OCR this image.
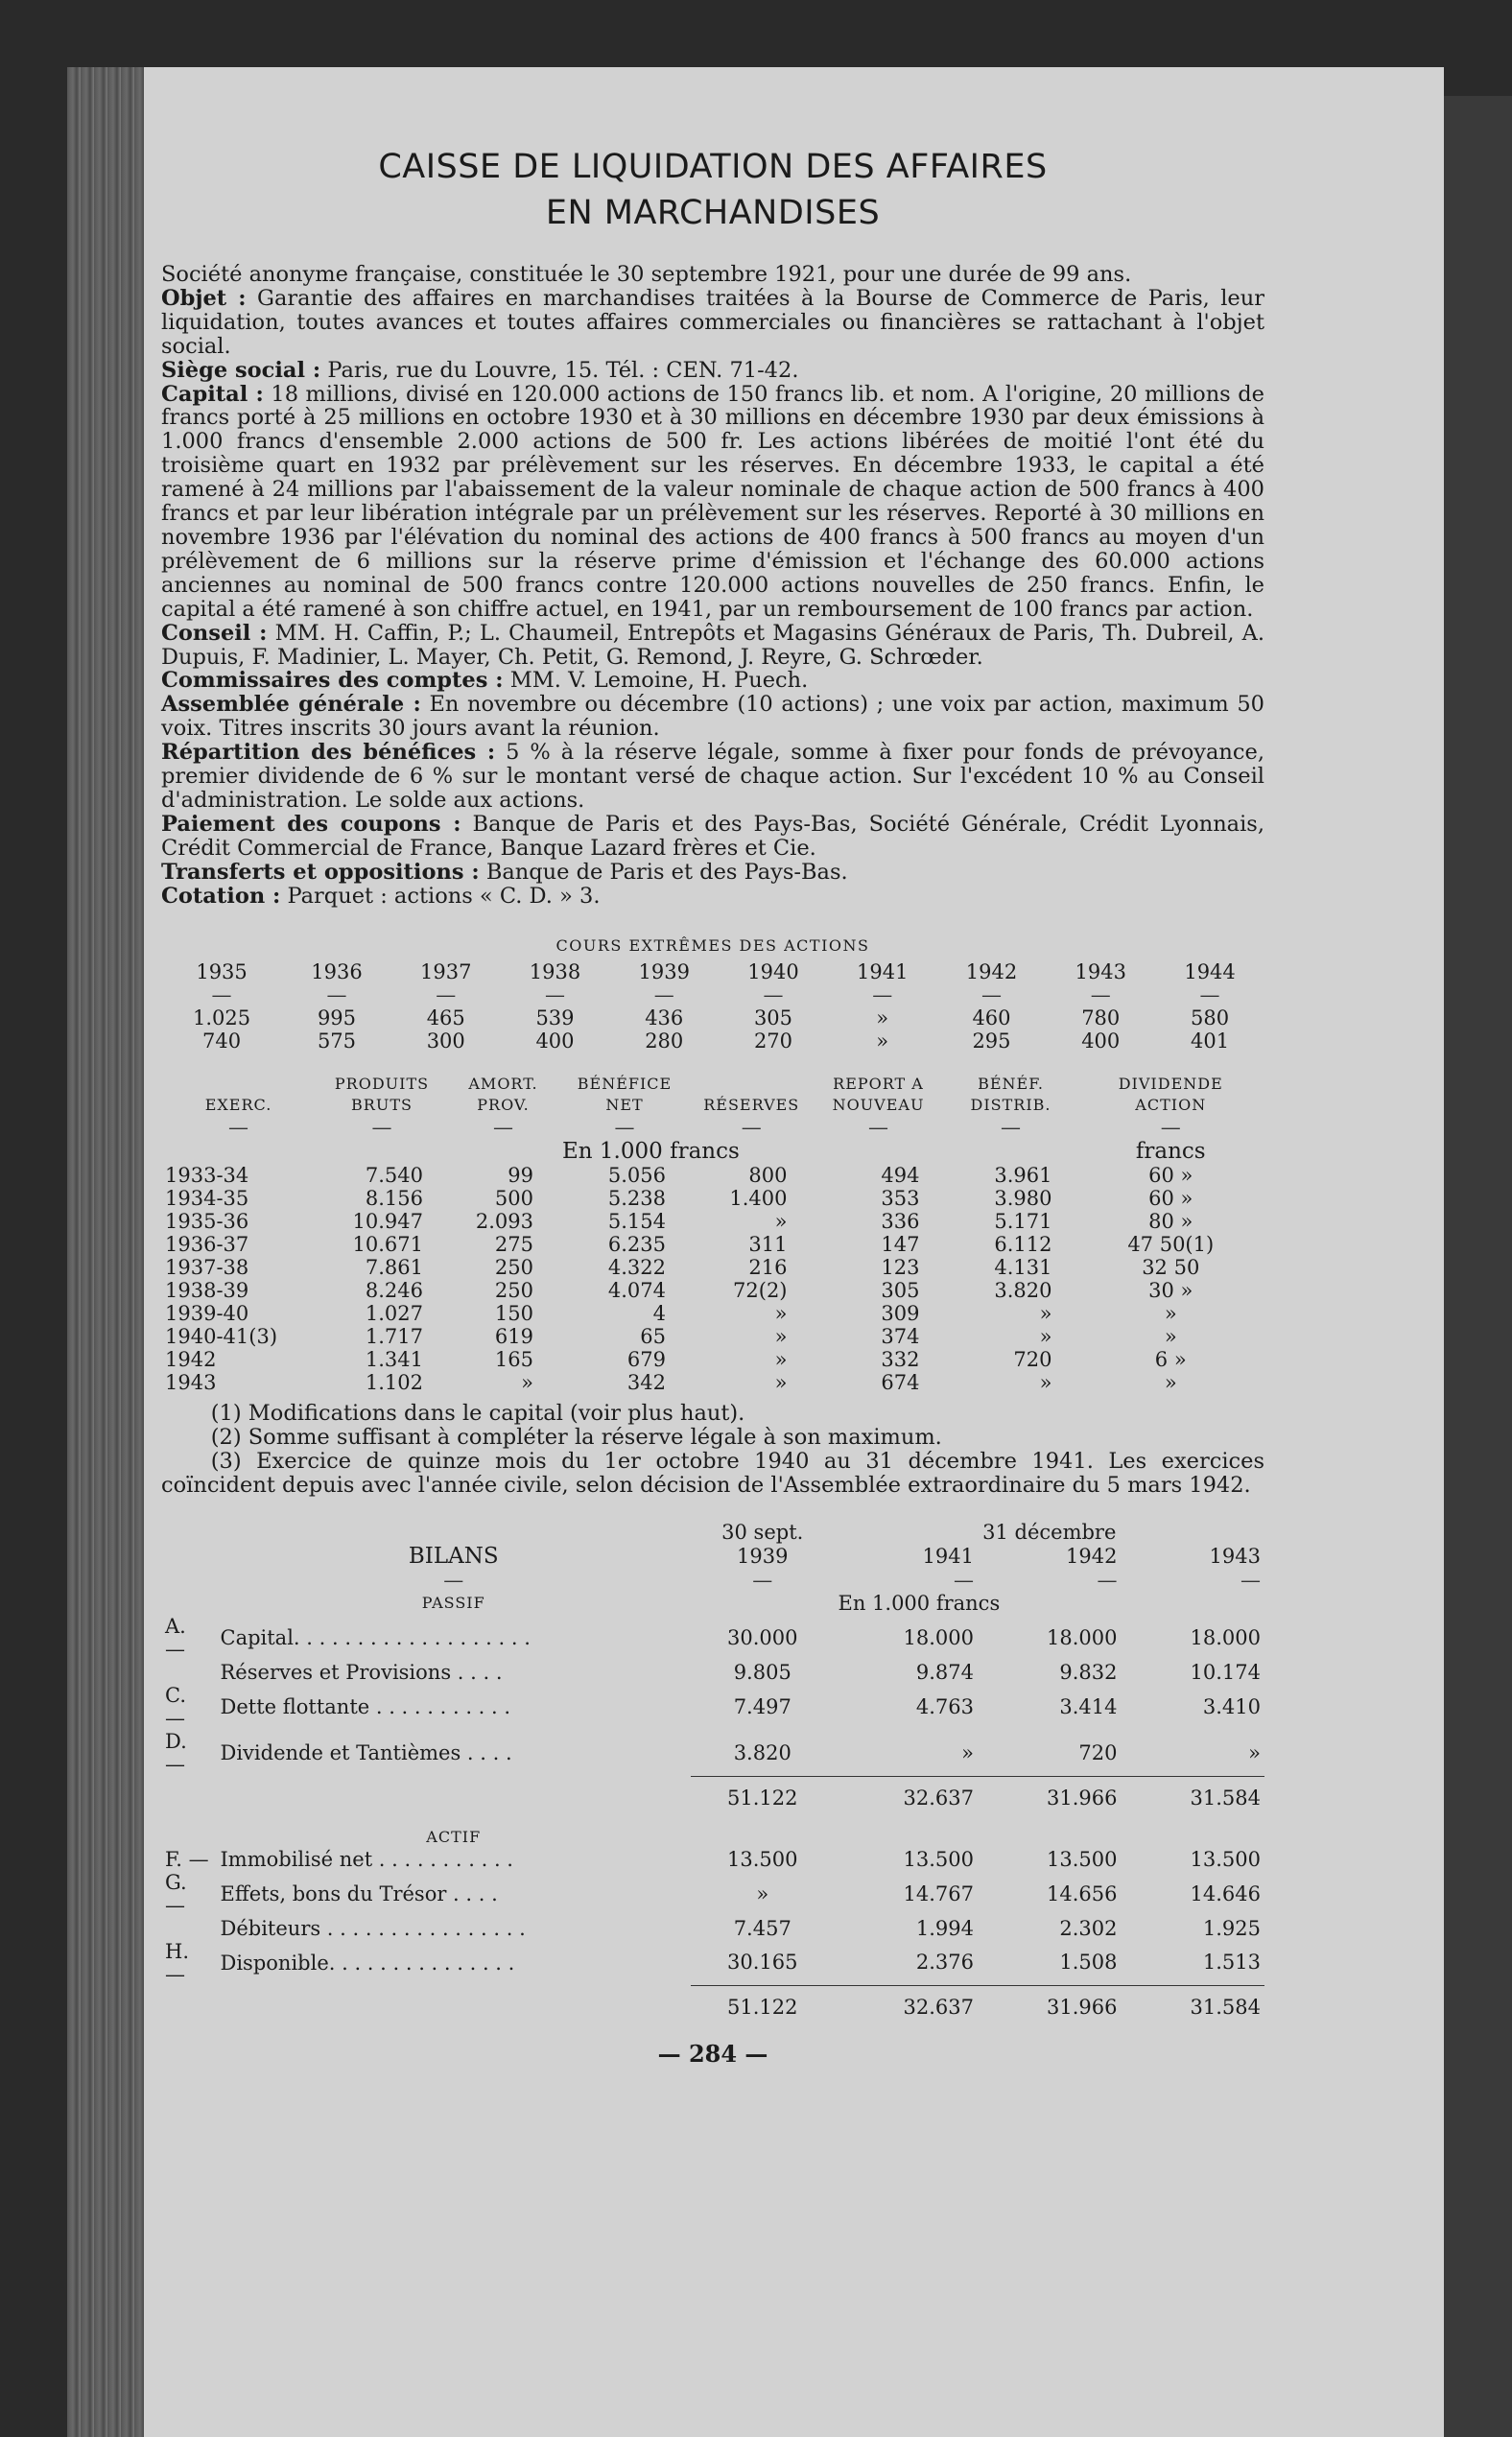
CAISSE DE LIQUIDATION DES AFFAIRES
EN MARCHANDISES

Société anonyme française, constituée le 30 septembre 1921, pour une durée de 99 ans.

Objet : Garantie des affaires en marchandises traitées à la Bourse de Commerce de Paris, leur liquidation, toutes avances et toutes affaires commerciales ou financières se rattachant à l'objet social.

Siège social : Paris, rue du Louvre, 15. Tél. : CEN. 71-42.

Capital : 18 millions, divisé en 120.000 actions de 150 francs lib. et nom. A l'origine, 20 millions de francs porté à 25 millions en octobre 1930 et à 30 millions en décembre 1930 par deux émissions à 1.000 francs d'ensemble 2.000 actions de 500 fr. Les actions libérées de moitié l'ont été du troisième quart en 1932 par prélèvement sur les réserves. En décembre 1933, le capital a été ramené à 24 millions par l'abaissement de la valeur nominale de chaque action de 500 francs à 400 francs et par leur libération intégrale par un prélèvement sur les réserves. Reporté à 30 millions en novembre 1936 par l'élévation du nominal des actions de 400 francs à 500 francs au moyen d'un prélèvement de 6 millions sur la réserve prime d'émission et l'échange des 60.000 actions anciennes au nominal de 500 francs contre 120.000 actions nouvelles de 250 francs. Enfin, le capital a été ramené à son chiffre actuel, en 1941, par un remboursement de 100 francs par action.

Conseil : MM. H. Caffin, P.; L. Chaumeil, Entrepôts et Magasins Généraux de Paris, Th. Dubreil, A. Dupuis, F. Madinier, L. Mayer, Ch. Petit, G. Remond, J. Reyre, G. Schrœder.

Commissaires des comptes : MM. V. Lemoine, H. Puech.

Assemblée générale : En novembre ou décembre (10 actions) ; une voix par action, maximum 50 voix. Titres inscrits 30 jours avant la réunion.

Répartition des bénéfices : 5 % à la réserve légale, somme à fixer pour fonds de prévoyance, premier dividende de 6 % sur le montant versé de chaque action. Sur l'excédent 10 % au Conseil d'administration. Le solde aux actions.

Paiement des coupons : Banque de Paris et des Pays-Bas, Société Générale, Crédit Lyonnais, Crédit Commercial de France, Banque Lazard frères et Cie.

Transferts et oppositions : Banque de Paris et des Pays-Bas.

Cotation : Parquet : actions « C. D. » 3.

COURS EXTRÊMES DES ACTIONS
1935	1936	1937	1938	1939	1940	1941	1942	1943	1944
—	—	—	—	—	—	—	—	—	—
1.025	995	465	539	436	305	»	460	780	580
740	575	300	400	280	270	»	295	400	401
	PRODUITS	AMORT.	BÉNÉFICE		REPORT A	BÉNÉF.	DIVIDENDE
EXERC.	BRUTS	PROV.	NET	RÉSERVES	NOUVEAU	DISTRIB.	ACTION
—	—	—	—	—	—	—	—
			En 1.000 francs				francs
1933-34	7.540	99	5.056	800	494	3.961	60 »
1934-35	8.156	500	5.238	1.400	353	3.980	60 »
1935-36	10.947	2.093	5.154	»	336	5.171	80 »
1936-37	10.671	275	6.235	311	147	6.112	47 50(1)
1937-38	7.861	250	4.322	216	123	4.131	32 50
1938-39	8.246	250	4.074	72(2)	305	3.820	30 »
1939-40	1.027	150	4	»	309	»	»
1940-41(3)	1.717	619	65	»	374	»	»
1942	1.341	165	679	»	332	720	6 »
1943	1.102	»	342	»	674	»	»

(1) Modifications dans le capital (voir plus haut).

(2) Somme suffisant à compléter la réserve légale à son maximum.

(3) Exercice de quinze mois du 1er octobre 1940 au 31 décembre 1941. Les exercices coïncident depuis avec l'année civile, selon décision de l'Assemblée extraordinaire du 5 mars 1942.

		30 sept.	31 décembre		
	BILANS	1939	1941	1942	1943
	—	—	—	—	—
	PASSIF		En 1.000 francs		
A. —	Capital. . . . . . . . . . . . . . . . . . .	30.000	18.000	18.000	18.000
	Réserves et Provisions . . . .	9.805	9.874	9.832	10.174
C. —	Dette flottante . . . . . . . . . . .	7.497	4.763	3.414	3.410
D. —	Dividende et Tantièmes . . . .	3.820	»	720	»

		51.122	32.637	31.966	31.584

	ACTIF				
F. —	Immobilisé net . . . . . . . . . . .	13.500	13.500	13.500	13.500
G. —	Effets, bons du Trésor . . . .	»	14.767	14.656	14.646
	Débiteurs . . . . . . . . . . . . . . . .	7.457	1.994	2.302	1.925
H. —	Disponible. . . . . . . . . . . . . . .	30.165	2.376	1.508	1.513

		51.122	32.637	31.966	31.584
— 284 —
